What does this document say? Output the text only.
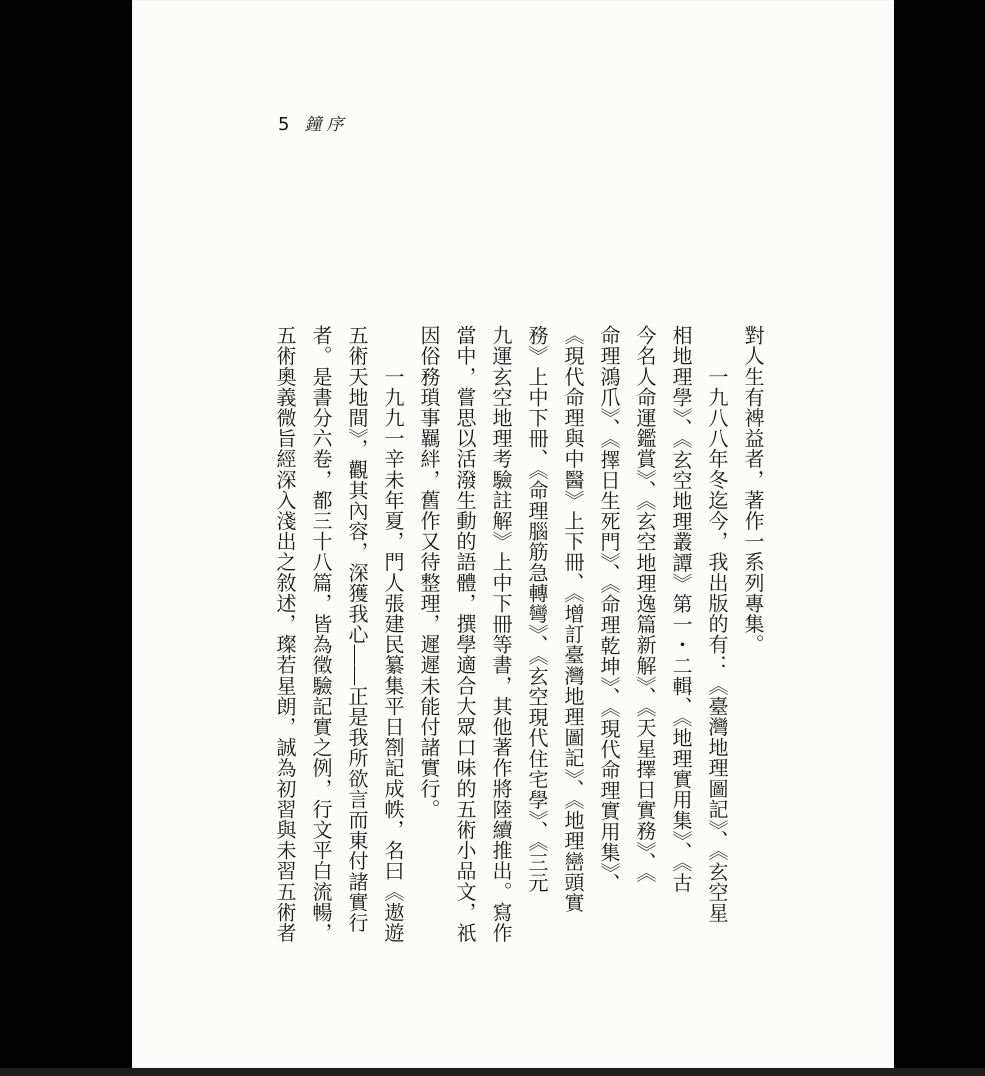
5 鐘序
對人生有裨益者，著作一系列專集。
　　一九八八年冬迄今，我出版的有：《臺灣地理圖記》、《玄空星
相地理學》、《玄空地理叢譚》第一・二輯、《地理實用集》、《古
今名人命運鑑賞》、《玄空地理逸篇新解》、《天星擇日實務》、《
命理鴻爪》、《擇日生死門》、《命理乾坤》、《現代命理實用集》、
《現代命理與中醫》上下冊、《增訂臺灣地理圖記》、《地理巒頭實
務》上中下冊、《命理腦筋急轉彎》、《玄空現代住宅學》、《三元
九運玄空地理考驗註解》上中下冊等書，其他著作將陸續推出。寫作
當中，嘗思以活潑生動的語體，撰學適合大眾口味的五術小品文，祇
因俗務瑣事羈絆，舊作又待整理，遲遲未能付諸實行。
　　一九九一辛未年夏，門人張建民纂集平日劄記成帙，名曰《遨遊
五術天地間》，觀其內容，深獲我心——正是我所欲言而東付諸實行
者。是書分六卷，都三十八篇，皆為徵驗記實之例，行文平白流暢，
五術奧義微旨經深入淺出之敘述，璨若星朗，誠為初習與未習五術者
